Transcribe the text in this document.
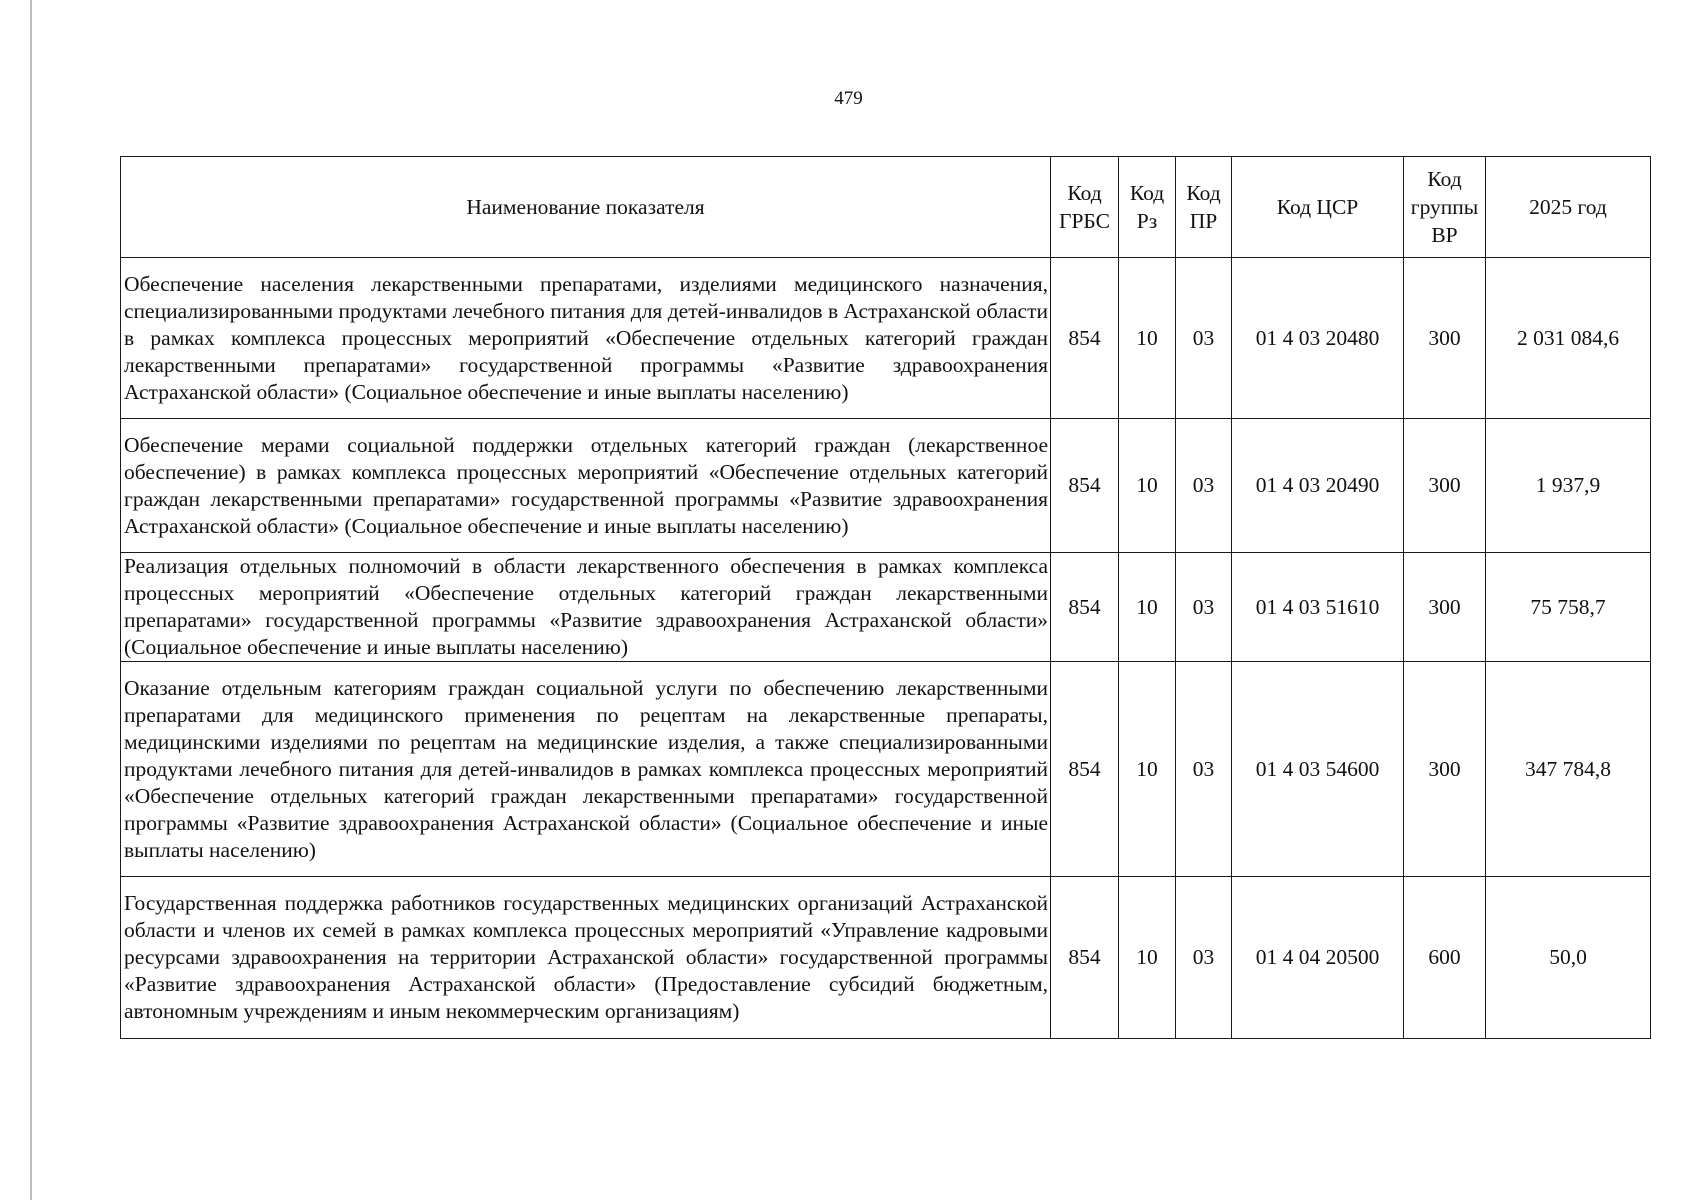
479
Наименование показателя	Код ГРБС	Код Рз	Код ПР	Код ЦСР	Код группы ВР	2025 год
Обеспечение населения лекарственными препаратами, изделиями медицинского назначения, специализированными продуктами лечебного питания для детей-инвалидов в Астраханской области в рамках комплекса процессных мероприятий «Обеспечение отдельных категорий граждан лекарственными препаратами» государственной программы «Развитие здравоохранения Астраханской области» (Социальное обеспечение и иные выплаты населению)	854	10	03	01 4 03 20480	300	2 031 084,6
Обеспечение мерами социальной поддержки отдельных категорий граждан (лекарственное обеспечение) в рамках комплекса процессных мероприятий «Обеспечение отдельных категорий граждан лекарственными препаратами» государственной программы «Развитие здравоохранения Астраханской области» (Социальное обеспечение и иные выплаты населению)	854	10	03	01 4 03 20490	300	1 937,9
Реализация отдельных полномочий в области лекарственного обеспечения в рамках комплекса процессных мероприятий «Обеспечение отдельных категорий граждан лекарственными препаратами» государственной программы «Развитие здравоохранения Астраханской области» (Социальное обеспечение и иные выплаты населению)	854	10	03	01 4 03 51610	300	75 758,7
Оказание отдельным категориям граждан социальной услуги по обеспечению лекарственными препаратами для медицинского применения по рецептам на лекарственные препараты, медицинскими изделиями по рецептам на медицинские изделия, а также специализированными продуктами лечебного питания для детей-инвалидов в рамках комплекса процессных мероприятий «Обеспечение отдельных категорий граждан лекарственными препаратами» государственной программы «Развитие здравоохранения Астраханской области» (Социальное обеспечение и иные выплаты населению)	854	10	03	01 4 03 54600	300	347 784,8
Государственная поддержка работников государственных медицинских организаций Астраханской области и членов их семей в рамках комплекса процессных мероприятий «Управление кадровыми ресурсами здравоохранения на территории Астраханской области» государственной программы «Развитие здравоохранения Астраханской области» (Предоставление субсидий бюджетным, автономным учреждениям и иным некоммерческим организациям)	854	10	03	01 4 04 20500	600	50,0
